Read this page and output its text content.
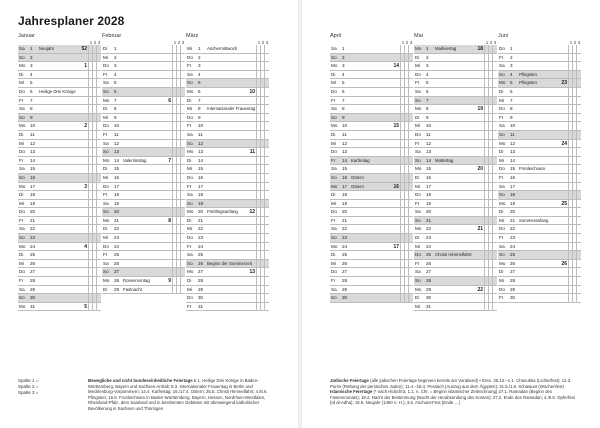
Jahresplaner 2028
Januar
1 2 3
Sa	1	Neujahr	52
So	2
Mo	3	1
Di	4
Mi	5
Do	6	Heilige Drei Könige
Fr	7
Sa	8
So	9
Mo	10	2
Di	11
Mi	12
Do	13
Fr	14
Sa	15
So	16
Mo	17	3
Di	18
Mi	19
Do	20
Fr	21
Sa	22
So	23
Mo	24	4
Di	25
Mi	26
Do	27
Fr	28
Sa	29
So	30
Mo	31	5
Februar
1 2 3
Di	1
Mi	2
Do	3
Fr	4
Sa	5
So	6
Mo	7	6
Di	8
Mi	9
Do	10
Fr	11
Sa	12
So	13
Mo	14 Valentinstag	7
Di	15
Mi	16
Do	17
Fr	18
Sa	19
So	20
Mo	21	8
Di	22
Mi	23
Do	24
Fr	25
Sa	26
So	27
Mo	28 Rosenmontag	9
Di	29 Fastnacht
März
1 2 3
Mi	1	Aschermittwoch
Do	2
Fr	3
Sa	4
So	5
Mo	6	10
Di	7
Mi	8	Internationaler Frauentag
Do	9
Fr	10
Sa	11
So	12
Mo	13	11
Di	14
Mi	15
Do	16
Fr	17
Sa	18
So	19
Mo	20 Frühlingsanfang	12
Di	21
Mi	22
Do	23
Fr	24
Sa	25
So	26 Beginn der Sommerzeit
Mo	27	13
Di	28
Mi	29
Do	30
Fr	31
April
1 2 3
Sa	1
So	2
Mo	3	14
Di	4
Mi	5
Do	6
Fr	7
Sa	8
So	9
Mo	10	15
Di	11
Mi	12
Do	13
Fr	14 Karfreitag
Sa	15
So	16 Ostern
Mo	17 Ostern	16
Di	18
Mi	19
Do	20
Fr	21
Sa	22
So	23
Mo	24	17
Di	25
Mi	26
Do	27
Fr	28
Sa	29
So	30
Mai
1 2 3
Mo	1	Maifeiertag	18
Di	2
Mi	3
Do	4
Fr	5
Sa	6
So	7
Mo	8	19
Di	9
Mi	10
Do	11
Fr	12
Sa	13
So	14 Muttertag
Mo	15	20
Di	16
Mi	17
Do	18
Fr	19
Sa	20
So	21
Mo	22	21
Di	23
Mi	24
Do	25 Christi Himmelfahrt
Fr	26
Sa	27
So	28
Mo	29	22
Di	30
Mi	31
Juni
1 2 3
Do	1
Fr	2
Sa	3
So	4	Pfingsten
Mo	5	Pfingsten	23
Di	6
Mi	7
Do	8
Fr	9
Sa	10
So	11
Mo	12	24
Di	13
Mi	14
Do	15 Fronleichnam
Fr	16
Sa	17
So	18
Mo	19	25
Di	20
Mi	21 Sommeranfang
Do	22
Fr	23
Sa	24
So	25
Mo	26	26
Di	27
Mi	28
Do	29
Fr	30
Spalte 1 =
Spalte 2 =
Spalte 3 =
Bewegliche und nicht bundeseinheitliche Feiertage 6.1. Heilige Drei Könige in Baden-Württemberg, Bayern und Sachsen-Anhalt; 8.3. Internationaler Frauentag in Berlin und Mecklenburg-Vorpommern; 14.4. Karfreitag; 16./17.4. Ostern; 25.5. Christi Himmelfahrt; 4./5.6. Pfingsten; 15.6. Fronleichnam in Baden-Württemberg, Bayern, Hessen, Nordrhein-Westfalen, Rheinland-Pfalz, dem Saarland und in bestimmten Gebieten mit überwiegend katholischer Bevölkerung in Sachsen und Thüringen
Jüdische Feiertage (alle jüdischen Feiertage beginnen bereits am Vorabend) • Eren. 25.12.–1.1. Chanukka (Lichterfest); 12.3. Purim (Rettung der persischen Juden); 11.4.–18.4. Pessach (Auszug aus dem Ägypten); 31.5./1.6. Schawuot (Wochenfest) Islamische Feiertage (* nach Hidschra; 1.1. n. Chr. = Beginn islamischer Zeitrechnung) 27.1. Ramadan (Beginn des Fastenmonats); 19.2. Nacht der Bestimmung (Nacht der Herabsendung des Korans); 27.2. Ende des Ramadan; 4./5.5. Opferfest (Id al-Adha); 15.6. Neujahr (1450 n. H.); 3.6. Aschura-Fest (Ende …)
